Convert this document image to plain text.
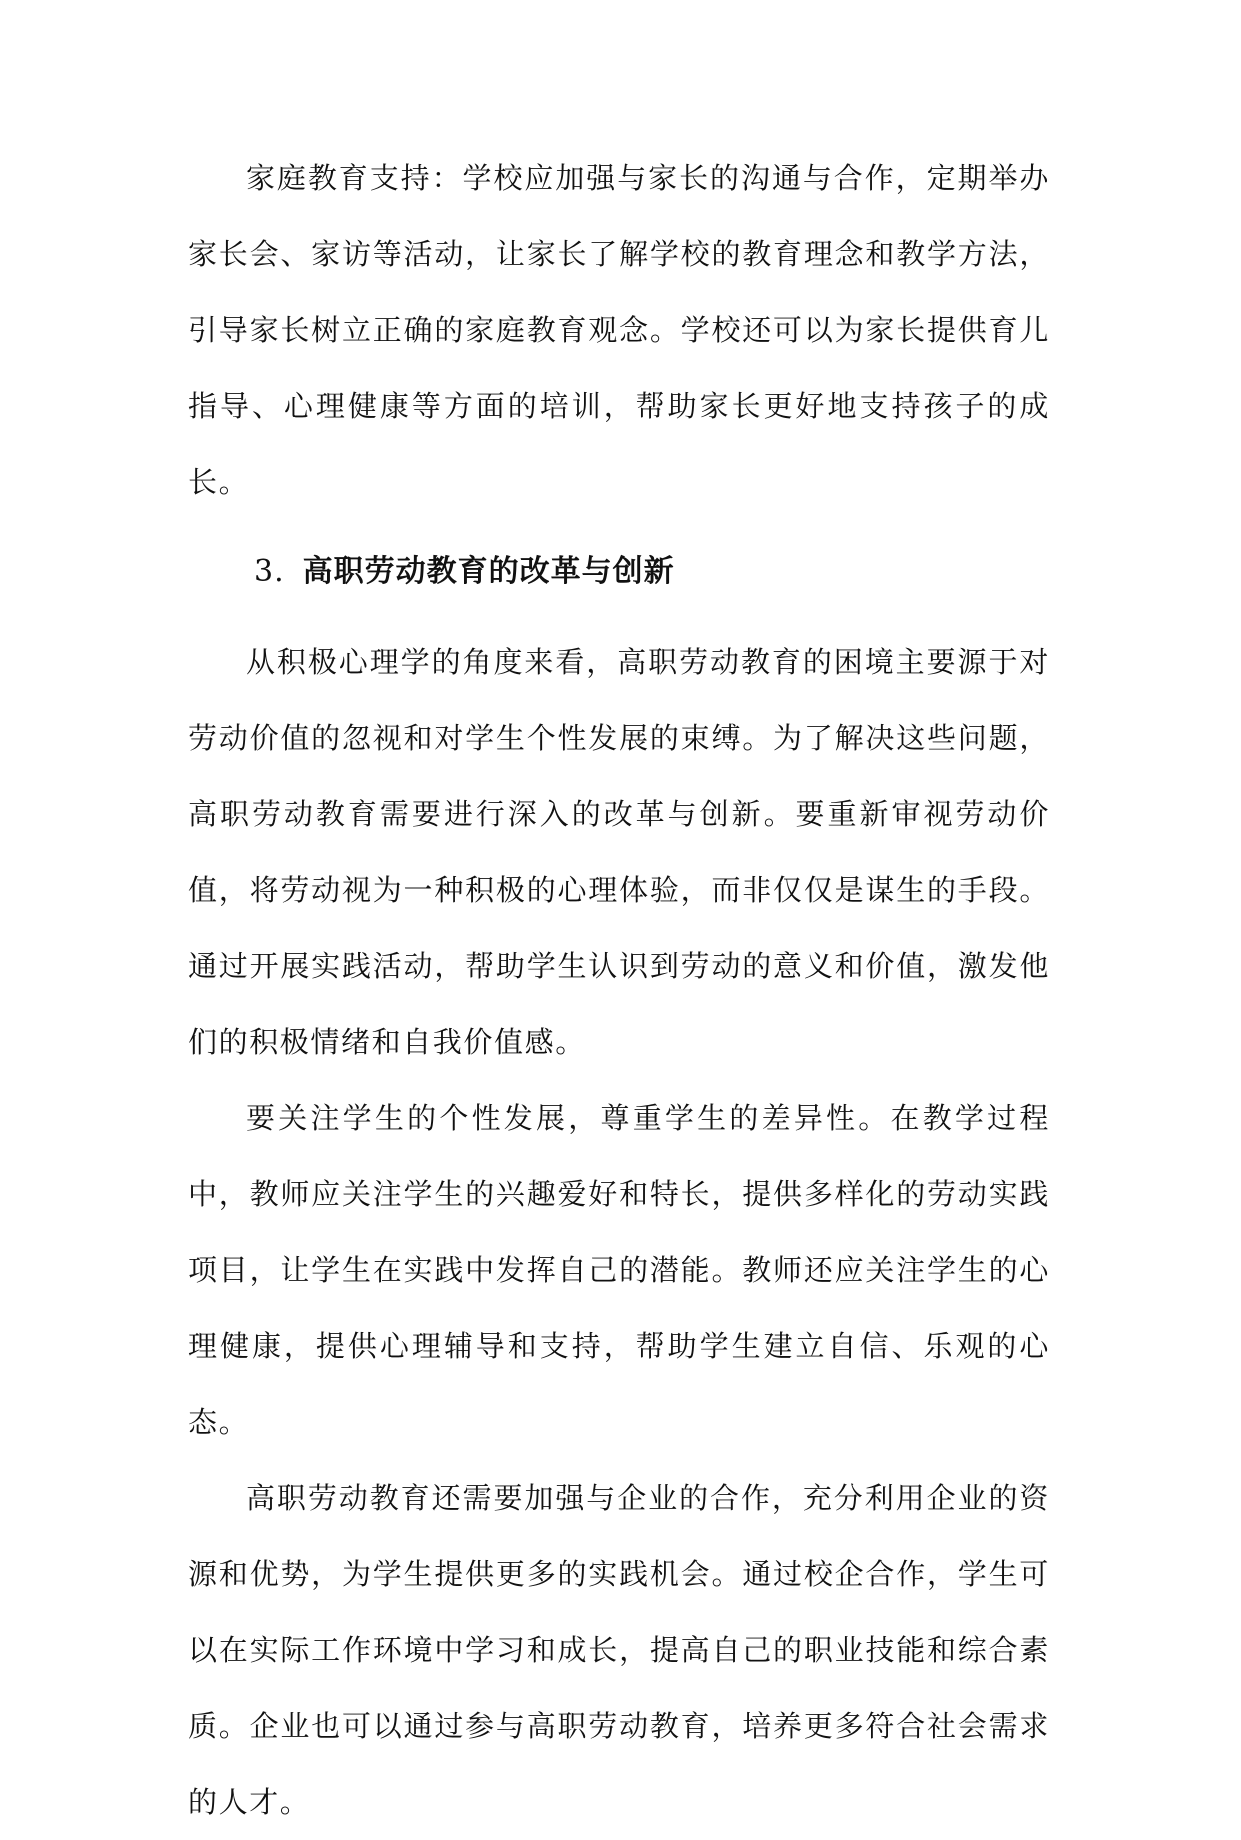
家庭教育支持：学校应加强与家长的沟通与合作，定期举办家长会、家访等活动，让家长了解学校的教育理念和教学方法，引导家长树立正确的家庭教育观念。学校还可以为家长提供育儿指导、心理健康等方面的培训，帮助家长更好地支持孩子的成长。

3. 高职劳动教育的改革与创新

从积极心理学的角度来看，高职劳动教育的困境主要源于对劳动价值的忽视和对学生个性发展的束缚。为了解决这些问题，高职劳动教育需要进行深入的改革与创新。要重新审视劳动价值，将劳动视为一种积极的心理体验，而非仅仅是谋生的手段。通过开展实践活动，帮助学生认识到劳动的意义和价值，激发他们的积极情绪和自我价值感。

要关注学生的个性发展，尊重学生的差异性。在教学过程中，教师应关注学生的兴趣爱好和特长，提供多样化的劳动实践项目，让学生在实践中发挥自己的潜能。教师还应关注学生的心理健康，提供心理辅导和支持，帮助学生建立自信、乐观的心态。

高职劳动教育还需要加强与企业的合作，充分利用企业的资源和优势，为学生提供更多的实践机会。通过校企合作，学生可以在实际工作环境中学习和成长，提高自己的职业技能和综合素质。企业也可以通过参与高职劳动教育，培养更多符合社会需求的人才。
